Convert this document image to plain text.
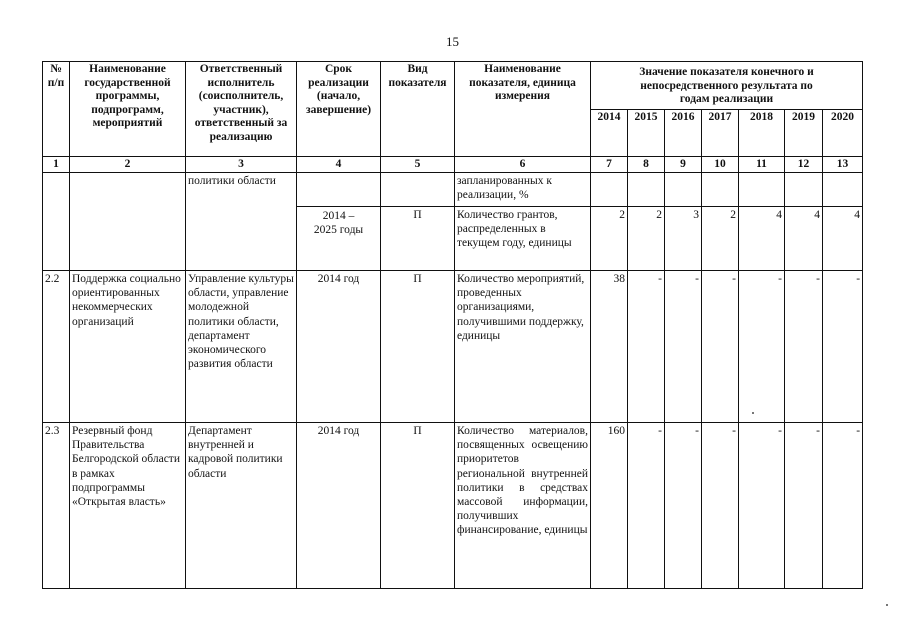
15
№ п/п	Наименование государственной программы, подпрограмм, мероприятий	Ответственный исполнитель (соисполнитель, участник), ответственный за реализацию	Срок реализации (начало, завершение)	Вид показателя	Наименование показателя, единица измерения	Значение показателя конечного и непосредственного результата по годам реализации						
						2014	2015	2016	2017	2018	2019	2020
1	2	3	4	5	6	7	8	9	10	11	12	13
		политики области			запланированных к реализации, %							
			2014 – 2025 годы	П	Количество грантов, распределенных в текущем году, единицы	2	2	3	2	4	4	4
2.2	Поддержка социально ориентированных некоммерческих организаций	Управление культуры области, управление молодежной политики области, департамент экономического развития области	2014 год	П	Количество мероприятий, проведенных организациями, получившими поддержку, единицы	38	-	-	-	-	-	-
2.3	Резервный фонд Правительства Белгородской области в рамках подпрограммы «Открытая власть»	Департамент внутренней и кадровой политики области	2014 год	П	Количество материалов, посвященных освещению приоритетов региональной внутренней политики в средствах массовой информации, получивших финансирование, единицы	160	-	-	-	-	-	-
